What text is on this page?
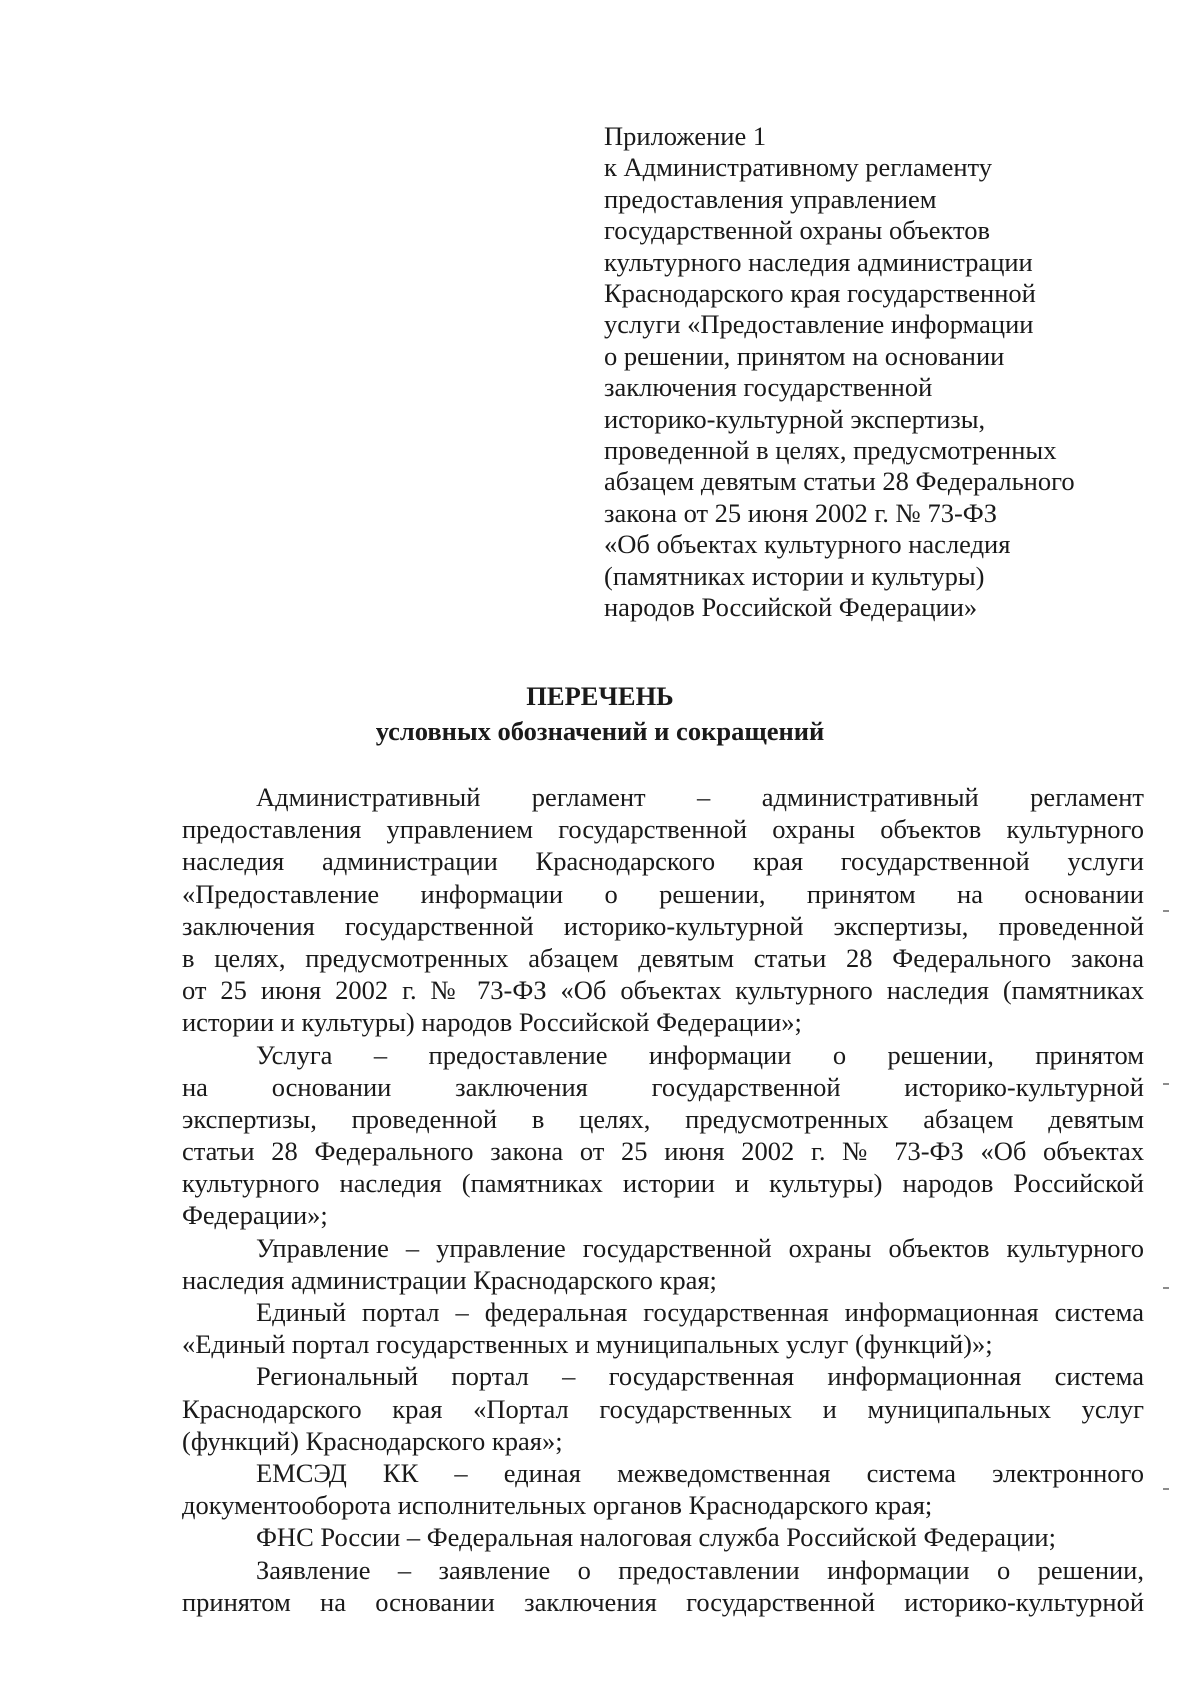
Приложение 1
к Административному регламенту
предоставления управлением
государственной охраны объектов
культурного наследия администрации
Краснодарского края государственной
услуги «Предоставление информации
о решении, принятом на основании
заключения государственной
историко-культурной экспертизы,
проведенной в целях, предусмотренных
абзацем девятым статьи 28 Федерального
закона от 25 июня 2002 г. № 73-ФЗ
«Об объектах культурного наследия
(памятниках истории и культуры)
народов Российской Федерации»
ПЕРЕЧЕНЬ
условных обозначений и сокращений
Административный регламент – административный регламент
предоставления управлением государственной охраны объектов культурного
наследия администрации Краснодарского края государственной услуги
«Предоставление информации о решении, принятом на основании
заключения государственной историко-культурной экспертизы, проведенной
в целях, предусмотренных абзацем девятым статьи 28 Федерального закона
от 25 июня 2002 г. № 73-ФЗ «Об объектах культурного наследия (памятниках
истории и культуры) народов Российской Федерации»;
Услуга – предоставление информации о решении, принятом
на основании заключения государственной историко-культурной
экспертизы, проведенной в целях, предусмотренных абзацем девятым
статьи 28 Федерального закона от 25 июня 2002 г. № 73-ФЗ «Об объектах
культурного наследия (памятниках истории и культуры) народов Российской
Федерации»;
Управление – управление государственной охраны объектов культурного
наследия администрации Краснодарского края;
Единый портал – федеральная государственная информационная система
«Единый портал государственных и муниципальных услуг (функций)»;
Региональный портал – государственная информационная система
Краснодарского края «Портал государственных и муниципальных услуг
(функций) Краснодарского края»;
ЕМСЭД КК – единая межведомственная система электронного
документооборота исполнительных органов Краснодарского края;
ФНС России – Федеральная налоговая служба Российской Федерации;
Заявление – заявление о предоставлении информации о решении,
принятом на основании заключения государственной историко-культурной
